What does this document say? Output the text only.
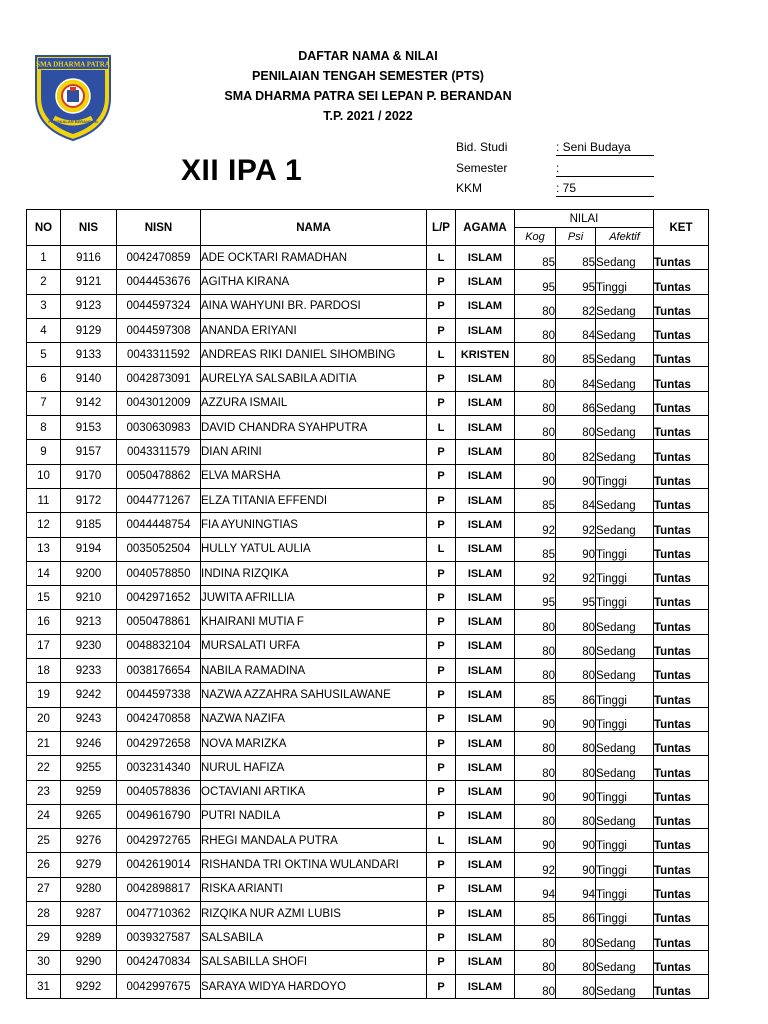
SMA DHARMA PATRA
PANGKALAN BERANDAN
DAFTAR NAMA & NILAI
PENILAIAN TENGAH SEMESTER (PTS)
SMA DHARMA PATRA SEI LEPAN P. BERANDAN
T.P. 2021 / 2022
XII IPA 1
Bid. Studi	: Seni Budaya
Semester	:
KKM	: 75
NO	NIS	NISN	NAMA	L/P	AGAMA	NILAI			KET
						Kog	Psi	Afektif	
1	9116	0042470859	ADE OCKTARI RAMADHAN	L	ISLAM	85	85	Sedang	Tuntas
2	9121	0044453676	AGITHA KIRANA	P	ISLAM	95	95	Tinggi	Tuntas
3	9123	0044597324	AINA WAHYUNI BR. PARDOSI	P	ISLAM	80	82	Sedang	Tuntas
4	9129	0044597308	ANANDA ERIYANI	P	ISLAM	80	84	Sedang	Tuntas
5	9133	0043311592	ANDREAS RIKI DANIEL SIHOMBING	L	KRISTEN	80	85	Sedang	Tuntas
6	9140	0042873091	AURELYA SALSABILA ADITIA	P	ISLAM	80	84	Sedang	Tuntas
7	9142	0043012009	AZZURA ISMAIL	P	ISLAM	80	86	Sedang	Tuntas
8	9153	0030630983	DAVID CHANDRA SYAHPUTRA	L	ISLAM	80	80	Sedang	Tuntas
9	9157	0043311579	DIAN ARINI	P	ISLAM	80	82	Sedang	Tuntas
10	9170	0050478862	ELVA MARSHA	P	ISLAM	90	90	Tinggi	Tuntas
11	9172	0044771267	ELZA TITANIA EFFENDI	P	ISLAM	85	84	Sedang	Tuntas
12	9185	0044448754	FIA AYUNINGTIAS	P	ISLAM	92	92	Sedang	Tuntas
13	9194	0035052504	HULLY YATUL AULIA	L	ISLAM	85	90	Tinggi	Tuntas
14	9200	0040578850	INDINA RIZQIKA	P	ISLAM	92	92	Tinggi	Tuntas
15	9210	0042971652	JUWITA AFRILLIA	P	ISLAM	95	95	Tinggi	Tuntas
16	9213	0050478861	KHAIRANI MUTIA F	P	ISLAM	80	80	Sedang	Tuntas
17	9230	0048832104	MURSALATI URFA	P	ISLAM	80	80	Sedang	Tuntas
18	9233	0038176654	NABILA RAMADINA	P	ISLAM	80	80	Sedang	Tuntas
19	9242	0044597338	NAZWA AZZAHRA SAHUSILAWANE	P	ISLAM	85	86	Tinggi	Tuntas
20	9243	0042470858	NAZWA NAZIFA	P	ISLAM	90	90	Tinggi	Tuntas
21	9246	0042972658	NOVA MARIZKA	P	ISLAM	80	80	Sedang	Tuntas
22	9255	0032314340	NURUL HAFIZA	P	ISLAM	80	80	Sedang	Tuntas
23	9259	0040578836	OCTAVIANI ARTIKA	P	ISLAM	90	90	Tinggi	Tuntas
24	9265	0049616790	PUTRI NADILA	P	ISLAM	80	80	Sedang	Tuntas
25	9276	0042972765	RHEGI MANDALA PUTRA	L	ISLAM	90	90	Tinggi	Tuntas
26	9279	0042619014	RISHANDA TRI OKTINA WULANDARI	P	ISLAM	92	90	Tinggi	Tuntas
27	9280	0042898817	RISKA ARIANTI	P	ISLAM	94	94	Tinggi	Tuntas
28	9287	0047710362	RIZQIKA NUR AZMI LUBIS	P	ISLAM	85	86	Tinggi	Tuntas
29	9289	0039327587	SALSABILA	P	ISLAM	80	80	Sedang	Tuntas
30	9290	0042470834	SALSABILLA SHOFI	P	ISLAM	80	80	Sedang	Tuntas
31	9292	0042997675	SARAYA WIDYA HARDOYO	P	ISLAM	80	80	Sedang	Tuntas
